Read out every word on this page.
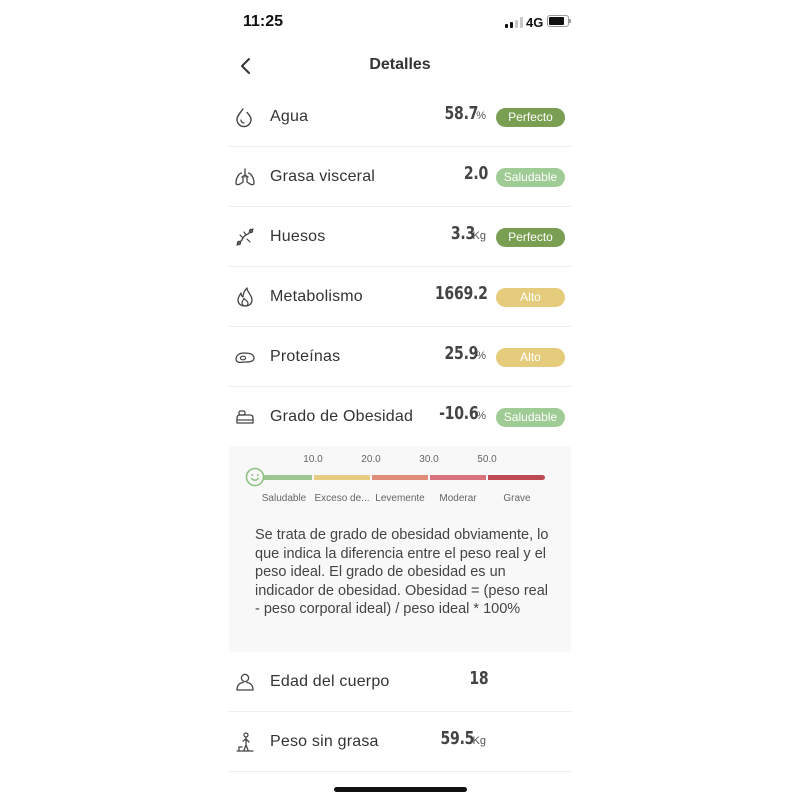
11:25	4G
Detalles
Agua	58.7%	Perfecto
Grasa visceral	2.0	Saludable
Huesos	3.3Kg	Perfecto
Metabolismo	1669.2	Alto
Proteínas	25.9%	Alto
Grado de Obesidad	-10.6%	Saludable
10.0	20.0	30.0	50.0
Saludable Exceso de... Levemente Moderar	Grave

Se trata de grado de obesidad obviamente, lo que indica la diferencia entre el peso real y el peso ideal. El grado de obesidad es un indicador de obesidad. Obesidad = (peso real - peso corporal ideal) / peso ideal * 100%

Edad del cuerpo	18
Peso sin grasa	59.5Kg
